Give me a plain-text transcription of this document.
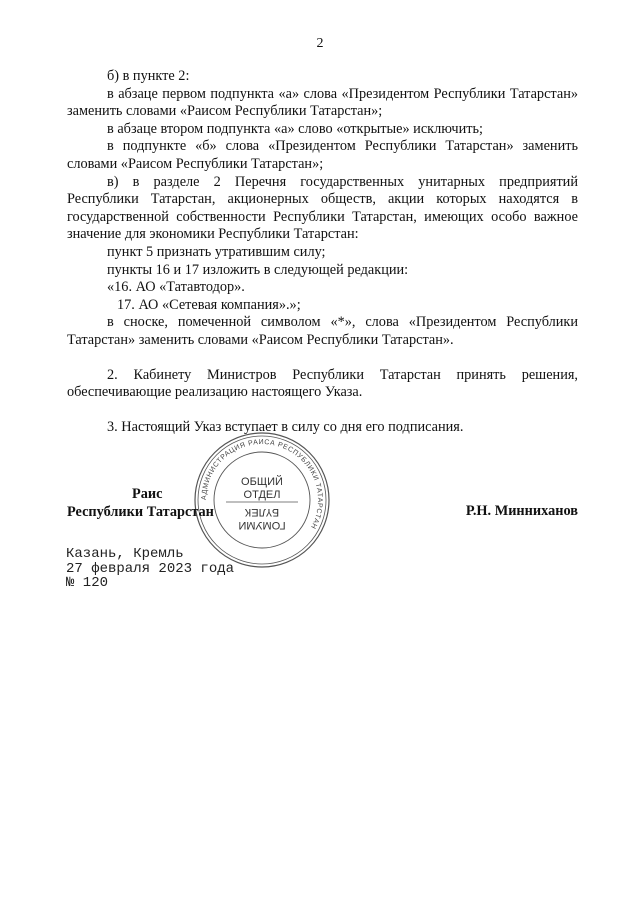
2

б) в пункте 2:

в абзаце первом подпункта «а» слова «Президентом Республики Татарстан» заменить словами «Раисом Республики Татарстан»;

в абзаце втором подпункта «а» слово «открытые» исключить;

в подпункте «б» слова «Президентом Республики Татарстан» заменить словами «Раисом Республики Татарстан»;

в) в разделе 2 Перечня государственных унитарных предприятий Республики Татарстан, акционерных обществ, акции которых находятся в государственной собственности Республики Татарстан, имеющих особо важное значение для экономики Республики Татарстан:

пункт 5 признать утратившим силу;

пункты 16 и 17 изложить в следующей редакции:

«16. АО «Татавтодор».

17. АО «Сетевая компания».»;

в сноске, помеченной символом «*», слова «Президентом Республики Татарстан» заменить словами «Раисом Республики Татарстан».

2. Кабинету Министров Республики Татарстан принять решения, обеспечивающие реализацию настоящего Указа.

3. Настоящий Указ вступает в силу со дня его подписания.

АДМИНИСТРАЦИЯ РАИСА РЕСПУБЛИКИ ТАТАРСТАН
ОБЩИЙ
ОТДЕЛ
ГОМУМИ
БҮЛЕК
Раис
Республики Татарстан	Р.Н. Минниханов
Казань, Кремль
27 февраля 2023 года
№ 120
